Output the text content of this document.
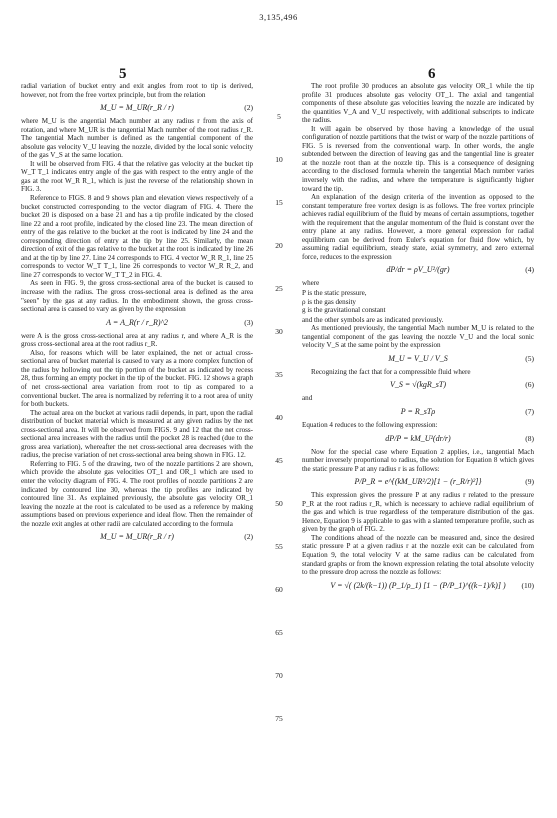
3,135,496
5	6

radial variation of bucket entry and exit angles from root to tip is derived, however, not from the free vortex principle, but from the relation

M_U = M_UR(r_R / r)	(2)

where M_U is the angential Mach number at any radius r from the axis of rotation, and where M_UR is the tangential Mach number of the root radius r_R. The tangential Mach number is defined as the tangential component of the absolute gas velocity V_U leaving the nozzle, divided by the local sonic velocity of the gas V_S at the same location.

It will be observed from FIG. 4 that the relative gas velocity at the bucket tip W_T T_1 indicates entry angle of the gas with respect to the entry angle of the gas at the root W_R R_1, which is just the reverse of the relationship shown in FIG. 3.

Reference to FIGS. 8 and 9 shows plan and elevation views respectively of a bucket constructed corresponding to the vector diagram of FIG. 4. There the bucket 20 is disposed on a base 21 and has a tip profile indicated by the closed line 22 and a root profile, indicated by the closed line 23. The mean direction of entry of the gas relative to the bucket at the root is indicated by line 24 and the corresponding direction of entry at the tip by line 25. Similarly, the mean direction of exit of the gas relative to the bucket at the root is indicated by line 26 and at the tip by line 27. Line 24 corresponds to FIG. 4 vector W_R R_1, line 25 corresponds to vector W_T T_1, line 26 corresponds to vector W_R R_2, and line 27 corresponds to vector W_T T_2 in FIG. 4.

As seen in FIG. 9, the gross cross-sectional area of the bucket is caused to increase with the radius. The gross cross-sectional area is defined as the area "seen" by the gas at any radius. In the embodiment shown, the gross cross-sectional area is caused to vary as given by the expression

A = A_R(r / r_R)^2	(3)

were A is the gross cross-sectional area at any radius r, and where A_R is the gross cross-sectional area at the root radius r_R.

Also, for reasons which will be later explained, the net or actual cross-sectional area of bucket material is caused to vary as a more complex function of the radius by hollowing out the tip portion of the bucket as indicated by recess 28, thus forming an empty pocket in the tip of the bucket. FIG. 12 shows a graph of net cross-sectional area variation from root to tip as compared to a conventional bucket. The area is normalized by referring it to a root area of unity for both buckets.

The actual area on the bucket at various radii depends, in part, upon the radial distribution of bucket material which is measured at any given radius by the net cross-sectional area. It will be observed from FIGS. 9 and 12 that the net cross-sectional area increases with the radius until the pocket 28 is reached (due to the gross area variation), whereafter the net cross-sectional area decreases with the radius, the precise variation of net cross-sectional area being shown in FIG. 12.

Referring to FIG. 5 of the drawing, two of the nozzle partitions 2 are shown, which provide the absolute gas velocities OT_1 and OR_1 which are used to enter the velocity diagram of FIG. 4. The root profiles of nozzle partitions 2 are indicated by contoured line 30, whereas the tip profiles are indicated by contoured line 31. As explained previously, the absolute gas velocity OR_1 leaving the nozzle at the root is calculated to be used as a reference by making assumptions based on previous experience and ideal flow. Then the remainder of the nozzle exit angles at other radii are calculated according to the formula

M_U = M_UR(r_R / r)	(2)
5
10
15
20
25
30
35
40
45
50
55
60
65
70
75

The root profile 30 produces an absolute gas velocity OR_1 while the tip profile 31 produces absolute gas velocity OT_1. The axial and tangential components of these absolute gas velocities leaving the nozzle are indicated by the quantities V_A and V_U respectively, with additional subscripts to indicate the radius.

It will again be observed by those having a knowledge of the usual configuration of nozzle partitions that the twist or warp of the nozzle partitions of FIG. 5 is reversed from the conventional warp. In other words, the angle subtended between the direction of leaving gas and the tangential line is greater at the nozzle root than at the nozzle tip. This is a consequence of designing according to the disclosed formula wherein the tangential Mach number varies inversely with the radius, and where the temperature is significantly higher toward the tip.

An explanation of the design criteria of the invention as opposed to the constant temperature free vortex design is as follows. The free vortex principle achieves radial equilibrium of the fluid by means of certain assumptions, together with the requirement that the angular momentum of the fluid is constant over the entry plane at any radius. However, a more general expression for radial equilibrium can be derived from Euler's equation for fluid flow which, by assuming radial equilibrium, steady state, axial symmetry, and zero external force, reduces to the expression

dP/dr = ρV_U²/(gr)	(4)

where

P is the static pressure,
ρ is the gas density
g is the gravitational constant

and the other symbols are as indicated previously.

As mentioned previously, the tangential Mach number M_U is related to the tangential component of the gas leaving the nozzle V_U and the local sonic velocity V_S at the same point by the expression

M_U = V_U / V_S	(5)

Recognizing the fact that for a compressible fluid where

V_S = √(kgR_sT)	(6)

and

P = R_sTρ	(7)

Equation 4 reduces to the following expression:

dP/P = kM_U²(dr/r)	(8)

Now for the special case where Equation 2 applies, i.e., tangential Mach number inversely proportional to radius, the solution for Equation 8 which gives the static pressure P at any radius r is as follows:

P/P_R = e^{(kM_UR²/2)[1 − (r_R/r)²]}	(9)

This expression gives the pressure P at any radius r related to the pressure P_R at the root radius r_R, which is necessary to achieve radial equilibrium of the gas and which is true regardless of the temperature distribution of the gas. Hence, Equation 9 is applicable to gas with a slanted temperature profile, such as given by the graph of FIG. 2.

The conditions ahead of the nozzle can be measured and, since the desired static pressure P at a given radius r at the nozzle exit can be calculated from Equation 9, the total velocity V at the same radius can be calculated from standard graphs or from the known expression relating the total absolute velocity to the pressure drop across the nozzle as follows:

V = √( (2k/(k−1)) (P_1/ρ_1) [1 − (P/P_1)^((k−1)/k)] ) (10)
